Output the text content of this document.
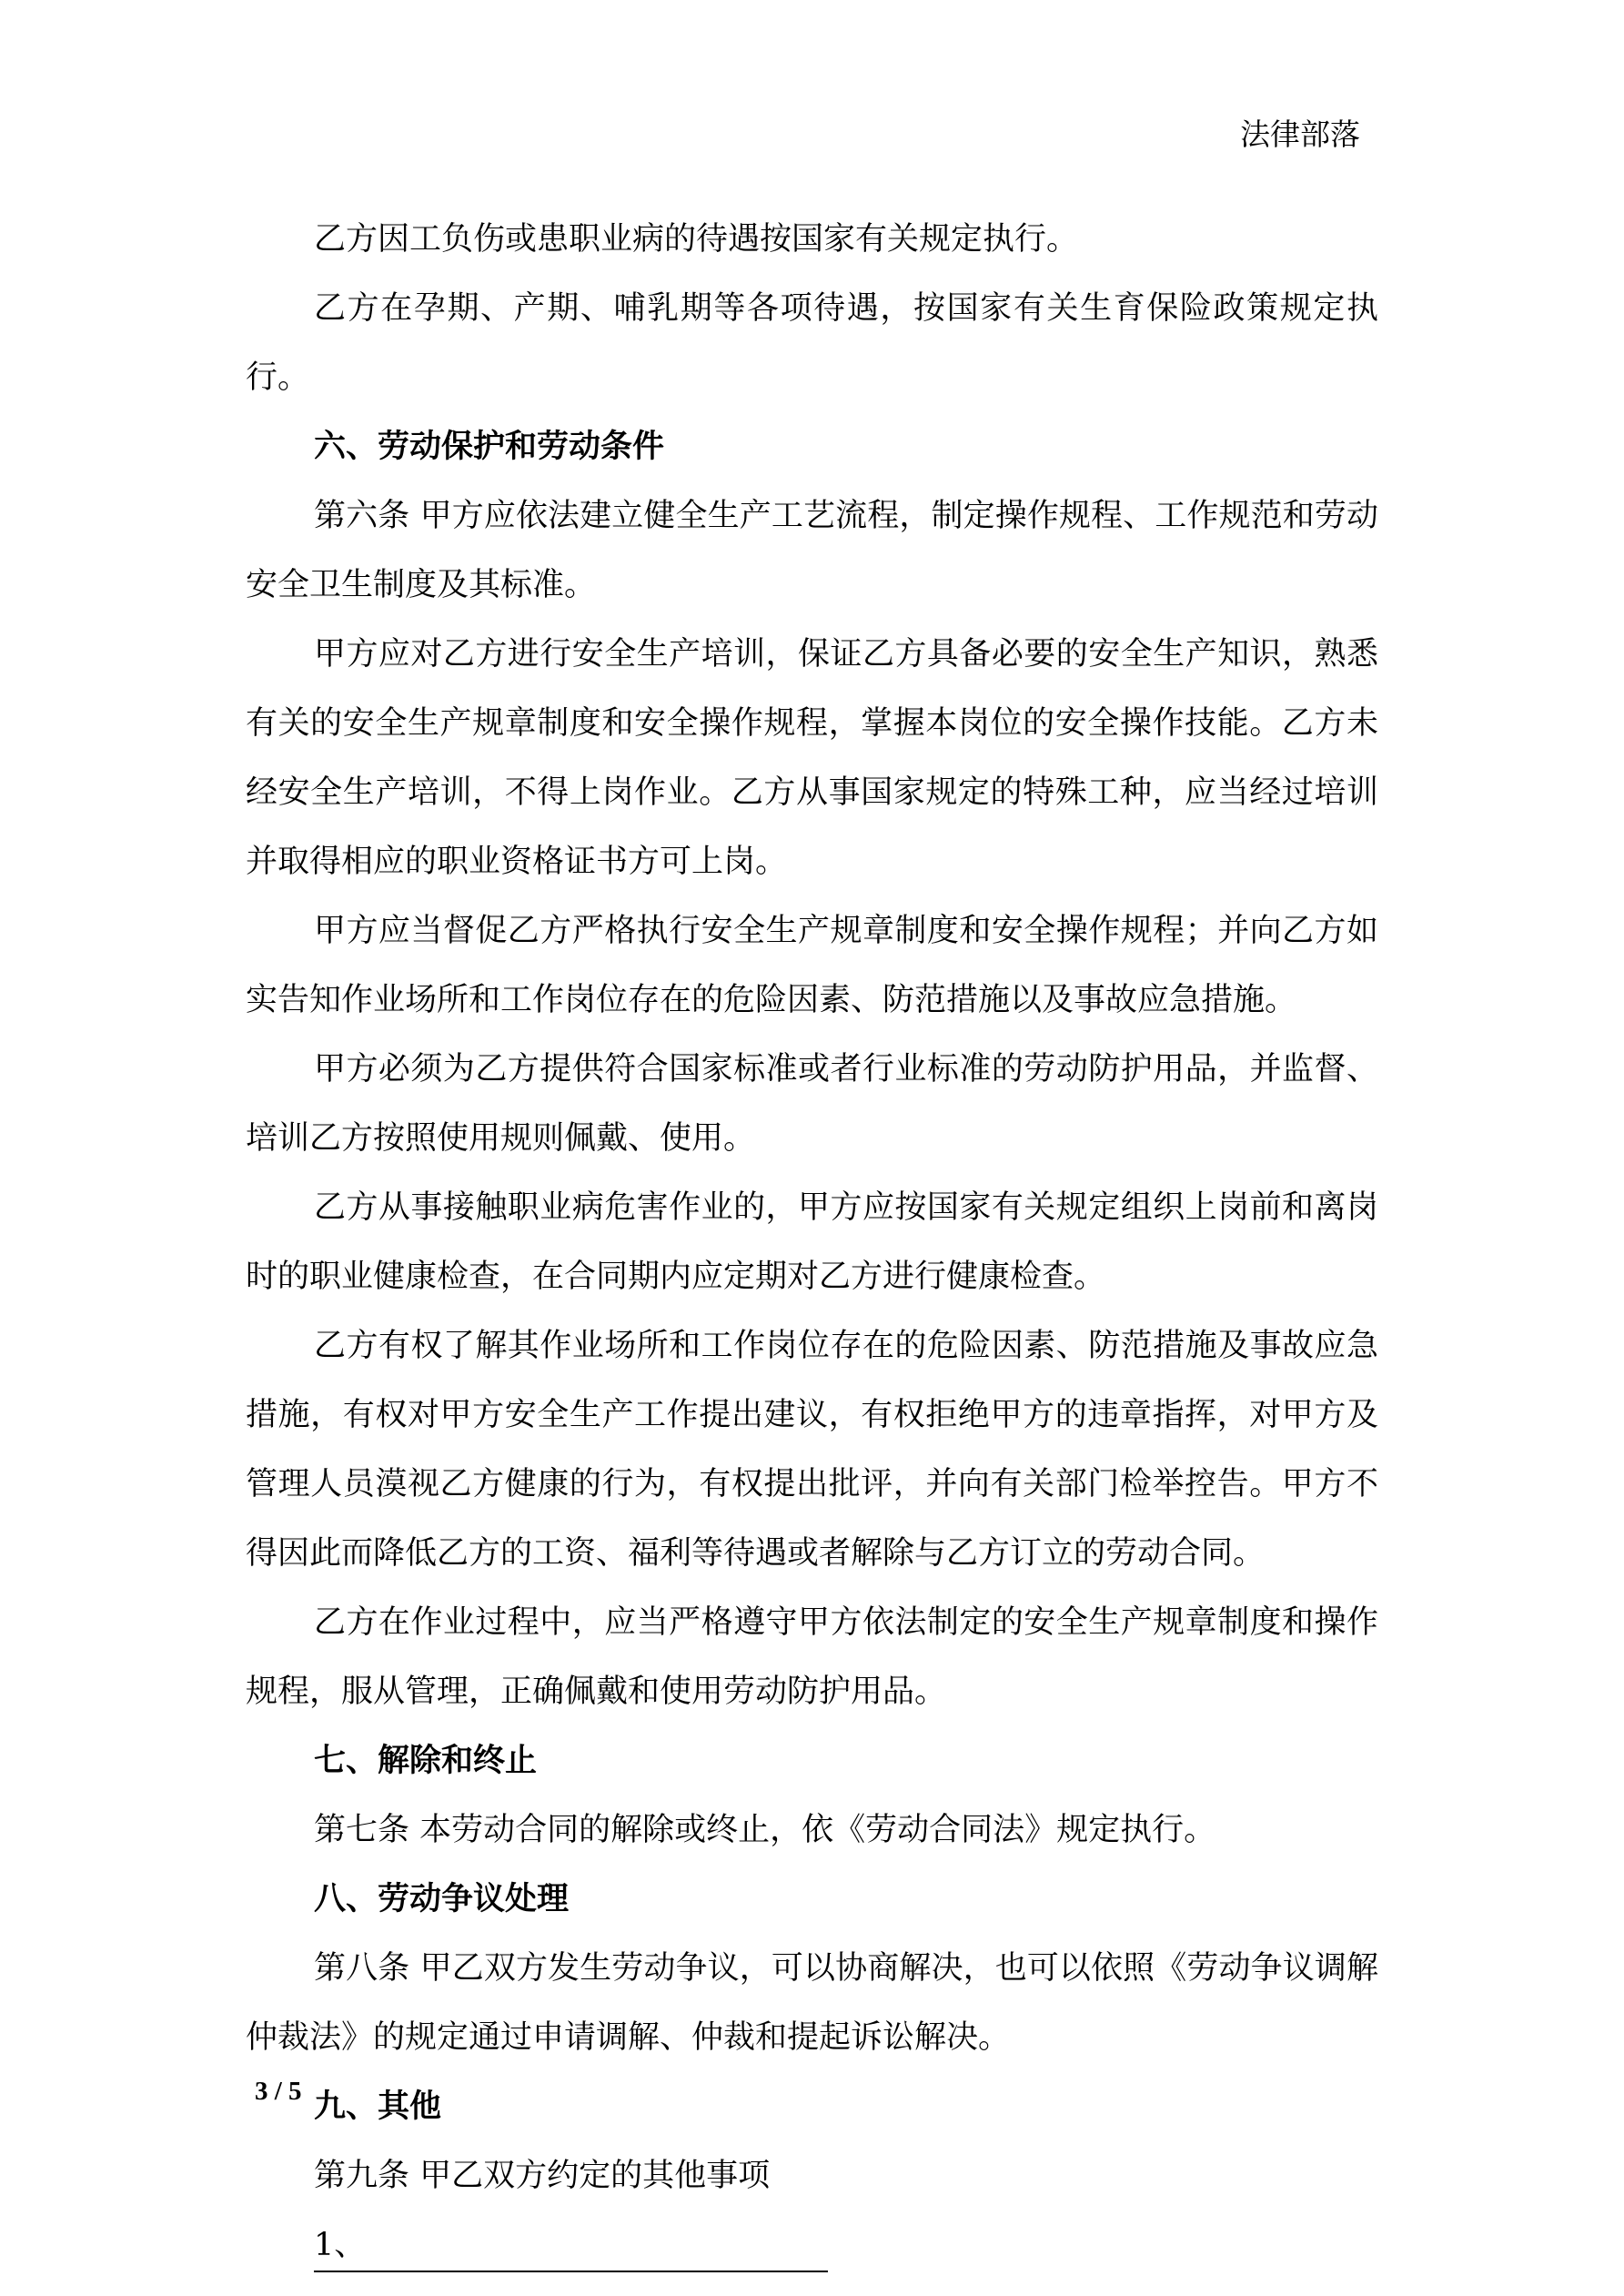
法律部落

乙方因工负伤或患职业病的待遇按国家有关规定执行。

乙方在孕期、产期、哺乳期等各项待遇，按国家有关生育保险政策规定执行。

六、劳动保护和劳动条件

第六条 甲方应依法建立健全生产工艺流程，制定操作规程、工作规范和劳动安全卫生制度及其标准。

甲方应对乙方进行安全生产培训，保证乙方具备必要的安全生产知识，熟悉有关的安全生产规章制度和安全操作规程，掌握本岗位的安全操作技能。乙方未经安全生产培训，不得上岗作业。乙方从事国家规定的特殊工种，应当经过培训并取得相应的职业资格证书方可上岗。

甲方应当督促乙方严格执行安全生产规章制度和安全操作规程；并向乙方如实告知作业场所和工作岗位存在的危险因素、防范措施以及事故应急措施。

甲方必须为乙方提供符合国家标准或者行业标准的劳动防护用品，并监督、培训乙方按照使用规则佩戴、使用。

乙方从事接触职业病危害作业的，甲方应按国家有关规定组织上岗前和离岗时的职业健康检查，在合同期内应定期对乙方进行健康检查。

乙方有权了解其作业场所和工作岗位存在的危险因素、防范措施及事故应急措施，有权对甲方安全生产工作提出建议，有权拒绝甲方的违章指挥，对甲方及管理人员漠视乙方健康的行为，有权提出批评，并向有关部门检举控告。甲方不得因此而降低乙方的工资、福利等待遇或者解除与乙方订立的劳动合同。

乙方在作业过程中，应当严格遵守甲方依法制定的安全生产规章制度和操作规程，服从管理，正确佩戴和使用劳动防护用品。

七、解除和终止

第七条 本劳动合同的解除或终止，依《劳动合同法》规定执行。

八、劳动争议处理

第八条 甲乙双方发生劳动争议，可以协商解决，也可以依照《劳动争议调解仲裁法》的规定通过申请调解、仲裁和提起诉讼解决。

九、其他

第九条 甲乙双方约定的其他事项

1、

3 / 5
